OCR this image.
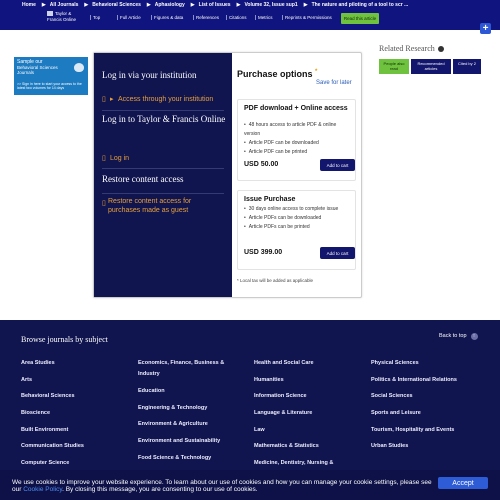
Home ▶ All Journals ▶ Behavioral Sciences ▶ Aphasiology ▶ List of Issues ▶ Volume 32, Issue sup1 ▶ The nature and piloting of a tool to scr ...
Taylor & Francis Online	Top	Full Article	Figures & data	References	Citations	Metrics	Reprints & Permissions	Read this article
+
Sample our
Behavioral Sciences
Journals
>> Sign in here to start your access to the latest two volumes for 14 days
Log in via your institution
▯ ▸ Access through your institution
Log in to Taylor & Francis Online
▯ Log in
Restore content access
Restore content access for purchases made as guest
▯
Purchase options *
Save for later
PDF download + Online access
• 48 hours access to article PDF & online version
• Article PDF can be downloaded
• Article PDF can be printed
USD 50.00	Add to cart
Issue Purchase
• 30 days online access to complete issue
• Article PDFs can be downloaded
• Article PDFs can be printed
USD 399.00	Add to cart
* Local tax will be added as applicable
Related Research
People also read
Recommended articles
Cited by 2
Browse journals by subject	Back to top ↑
Area Studies
Arts
Behavioral Sciences
Bioscience
Built Environment
Communication Studies
Computer Science
Economics, Finance, Business & Industry
Education
Engineering & Technology
Environment & Agriculture
Environment and Sustainability
Food Science & Technology
Health and Social Care
Humanities
Information Science
Language & Literature
Law
Mathematics & Statistics
Medicine, Dentistry, Nursing &
Physical Sciences
Politics & International Relations
Social Sciences
Sports and Leisure
Tourism, Hospitality and Events
Urban Studies
We use cookies to improve your website experience. To learn about our use of cookies and how you can manage your cookie settings, please see our Cookie Policy. By closing this message, you are consenting to our use of cookies.
Accept
